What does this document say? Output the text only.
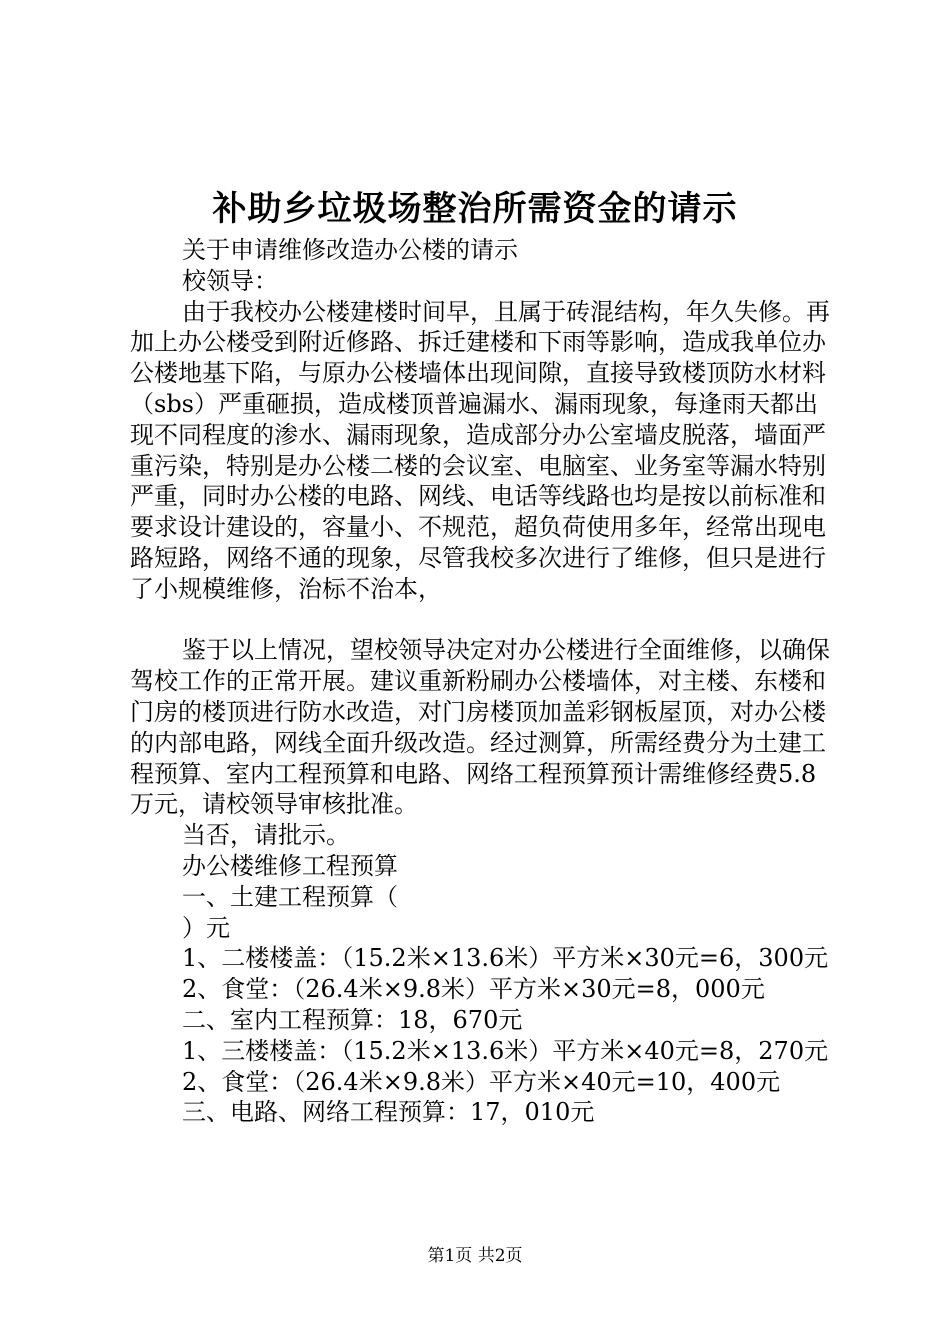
补助乡垃圾场整治所需资金的请示

关于申请维修改造办公楼的请示

校领导：

由于我校办公楼建楼时间早，且属于砖混结构，年久失修。再加上办公楼受到附近修路、拆迁建楼和下雨等影响，造成我单位办公楼地基下陷，与原办公楼墙体出现间隙，直接导致楼顶防水材料（sbs）严重砸损，造成楼顶普遍漏水、漏雨现象，每逢雨天都出现不同程度的渗水、漏雨现象，造成部分办公室墙皮脱落，墙面严重污染，特别是办公楼二楼的会议室、电脑室、业务室等漏水特别严重，同时办公楼的电路、网线、电话等线路也均是按以前标准和要求设计建设的，容量小、不规范，超负荷使用多年，经常出现电路短路，网络不通的现象，尽管我校多次进行了维修，但只是进行了小规模维修，治标不治本，

鉴于以上情况，望校领导决定对办公楼进行全面维修，以确保驾校工作的正常开展。建议重新粉刷办公楼墙体，对主楼、东楼和门房的楼顶进行防水改造，对门房楼顶加盖彩钢板屋顶，对办公楼的内部电路，网线全面升级改造。经过测算，所需经费分为土建工程预算、室内工程预算和电路、网络工程预算预计需维修经费5.8万元，请校领导审核批准。

当否，请批示。

办公楼维修工程预算

一、土建工程预算（

）元

1、二楼楼盖：（15.2米×13.6米）平方米×30元=6，300元

2、食堂：（26.4米×9.8米）平方米×30元=8，000元

二、室内工程预算：18，670元

1、三楼楼盖：（15.2米×13.6米）平方米×40元=8，270元

2、食堂：（26.4米×9.8米）平方米×40元=10，400元

三、电路、网络工程预算：17，010元

第1页 共2页
